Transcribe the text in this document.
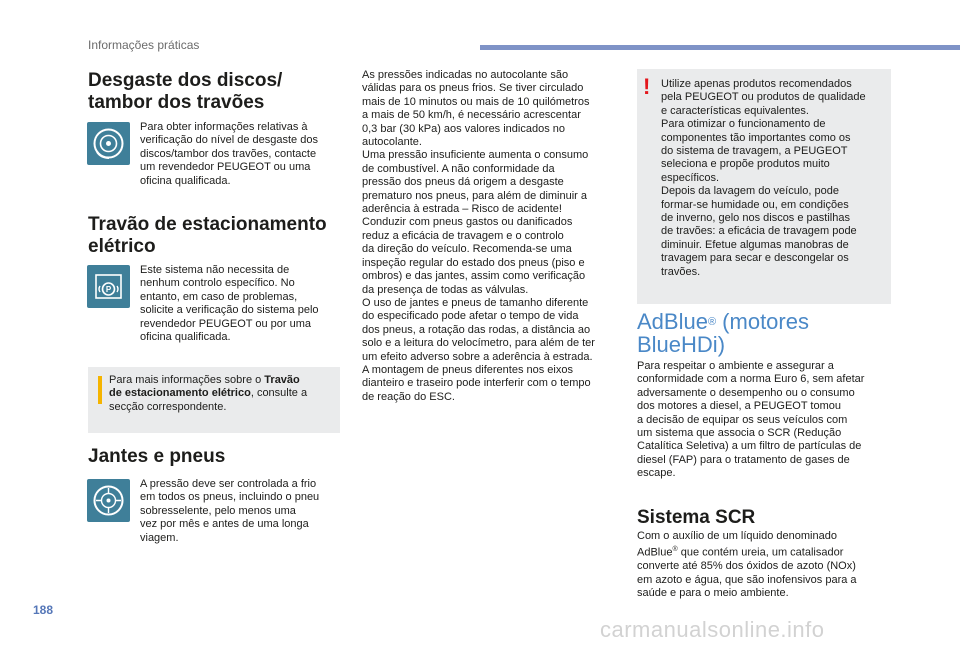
Informações práticas
Desgaste dos discos/
tambor dos travões

Para obter informações relativas à
verificação do nível de desgaste dos
discos/tambor dos travões, contacte
um revendedor PEUGEOT ou uma
oficina qualificada.

Travão de estacionamento
elétrico
P

Este sistema não necessita de
nenhum controlo específico. No
entanto, em caso de problemas,
solicite a verificação do sistema pelo
revendedor PEUGEOT ou por uma
oficina qualificada.

Para mais informações sobre o Travão
de estacionamento elétrico, consulte a
secção correspondente.

Jantes e pneus

A pressão deve ser controlada a frio
em todos os pneus, incluindo o pneu
sobresselente, pelo menos uma
vez por mês e antes de uma longa
viagem.

As pressões indicadas no autocolante são
válidas para os pneus frios. Se tiver circulado
mais de 10 minutos ou mais de 10 quilómetros
a mais de 50 km/h, é necessário acrescentar
0,3 bar (30 kPa) aos valores indicados no
autocolante.
Uma pressão insuficiente aumenta o consumo
de combustível. A não conformidade da
pressão dos pneus dá origem a desgaste
prematuro nos pneus, para além de diminuir a
aderência à estrada – Risco de acidente!
Conduzir com pneus gastos ou danificados
reduz a eficácia de travagem e o controlo
da direção do veículo. Recomenda-se uma
inspeção regular do estado dos pneus (piso e
ombros) e das jantes, assim como verificação
da presença de todas as válvulas.
O uso de jantes e pneus de tamanho diferente
do especificado pode afetar o tempo de vida
dos pneus, a rotação das rodas, a distância ao
solo e a leitura do velocímetro, para além de ter
um efeito adverso sobre a aderência à estrada.
A montagem de pneus diferentes nos eixos
dianteiro e traseiro pode interferir com o tempo
de reação do ESC.

! Utilize apenas produtos recomendados
pela PEUGEOT ou produtos de qualidade
e características equivalentes.
Para otimizar o funcionamento de
componentes tão importantes como os
do sistema de travagem, a PEUGEOT
seleciona e propõe produtos muito
específicos.
Depois da lavagem do veículo, pode
formar-se humidade ou, em condições
de inverno, gelo nos discos e pastilhas
de travões: a eficácia de travagem pode
diminuir. Efetue algumas manobras de
travagem para secar e descongelar os
travões.

AdBlue® (motores
BlueHDi)

Para respeitar o ambiente e assegurar a
conformidade com a norma Euro 6, sem afetar
adversamente o desempenho ou o consumo
dos motores a diesel, a PEUGEOT tomou
a decisão de equipar os seus veículos com
um sistema que associa o SCR (Redução
Catalítica Seletiva) a um filtro de partículas de
diesel (FAP) para o tratamento de gases de
escape.

Sistema SCR

Com o auxílio de um líquido denominado
AdBlue® que contém ureia, um catalisador
converte até 85% dos óxidos de azoto (NOx)
em azoto e água, que são inofensivos para a
saúde e para o meio ambiente.

188
carmanualsonline.info
